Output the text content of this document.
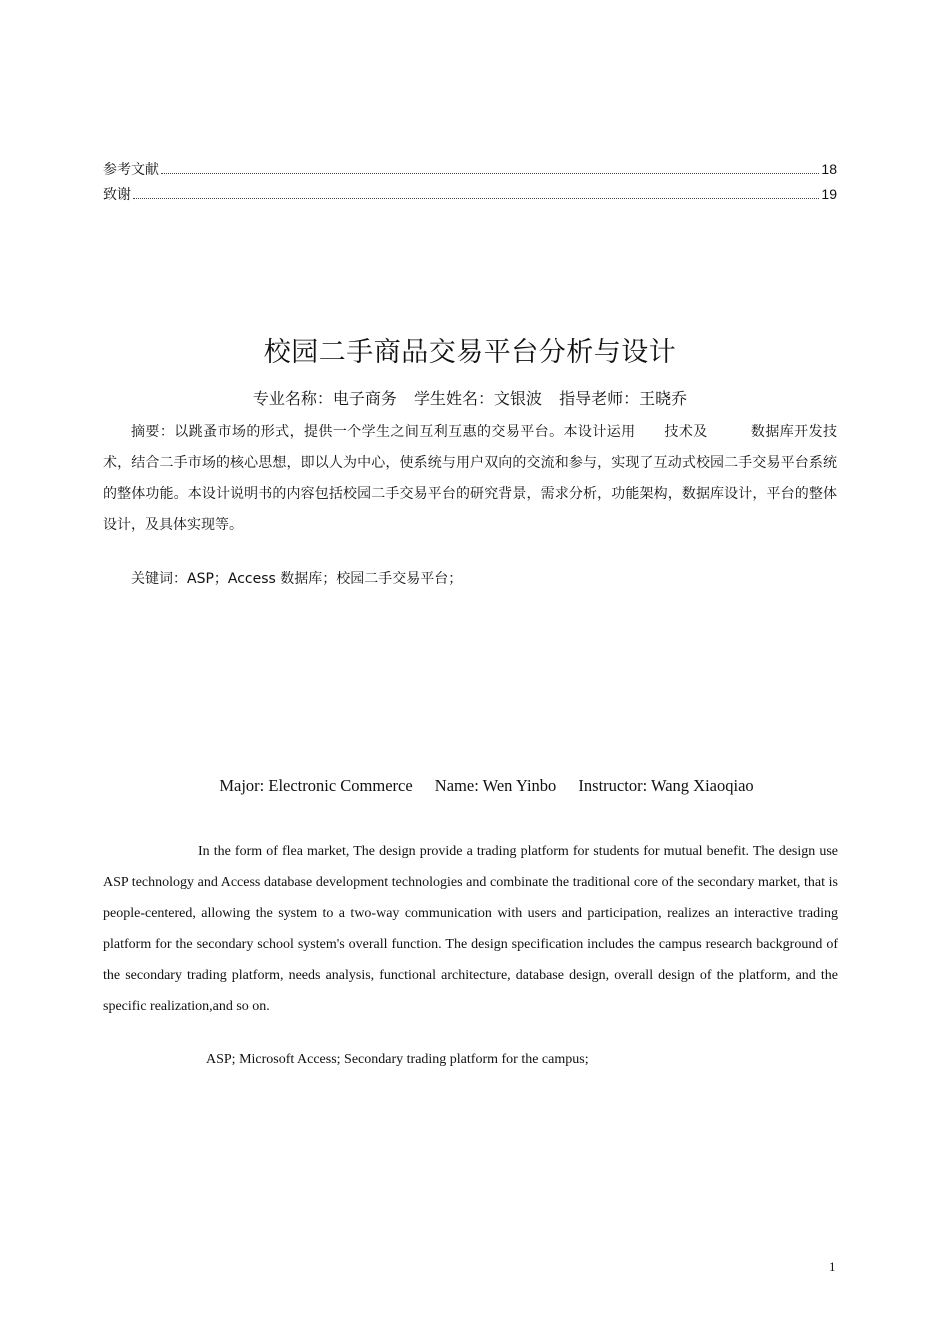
参考文献	18
致谢	19
校园二手商品交易平台分析与设计
专业名称：电子商务 学生姓名：文银波 指导老师：王晓乔
摘要：以跳蚤市场的形式，提供一个学生之间互利互惠的交易平台。本设计运用　　技术及　　　数据库开发技术，结合二手市场的核心思想，即以人为中心，使系统与用户双向的交流和参与，实现了互动式校园二手交易平台系统的整体功能。本设计说明书的内容包括校园二手交易平台的研究背景，需求分析，功能架构，数据库设计，平台的整体设计，及具体实现等。
关键词：ASP；Access 数据库；校园二手交易平台；
Major: Electronic Commerce Name: Wen Yinbo Instructor: Wang Xiaoqiao
In the form of flea market, The design provide a trading platform for students for mutual benefit. The design use ASP technology and Access database development technologies and combinate the traditional core of the secondary market, that is people-centered, allowing the system to a two-way communication with users and participation, realizes an interactive trading platform for the secondary school system's overall function. The design specification includes the campus research background of the secondary trading platform, needs analysis, functional architecture, database design, overall design of the platform, and the specific realization,and so on.
ASP; Microsoft Access; Secondary trading platform for the campus;
1
